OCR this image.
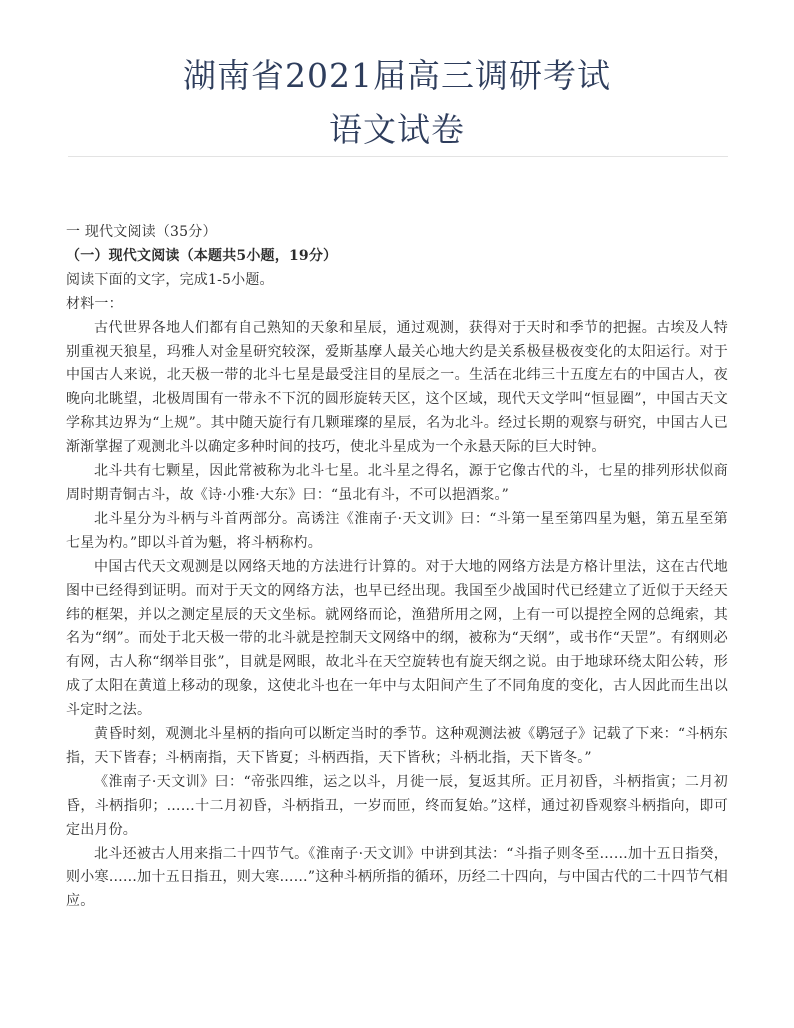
湖南省2021届高三调研考试
语文试卷

一 现代文阅读（35分）

（一）现代文阅读（本题共5小题，19分）

阅读下面的文字，完成1-5小题。

材料一：

古代世界各地人们都有自己熟知的天象和星辰，通过观测，获得对于天时和季节的把握。古埃及人特别重视天狼星，玛雅人对金星研究较深，爱斯基摩人最关心地大约是关系极昼极夜变化的太阳运行。对于中国古人来说，北天极一带的北斗七星是最受注目的星辰之一。生活在北纬三十五度左右的中国古人，夜晚向北眺望，北极周围有一带永不下沉的圆形旋转天区，这个区域，现代天文学叫“恒显圈”，中国古天文学称其边界为“上规”。其中随天旋行有几颗璀璨的星辰，名为北斗。经过长期的观察与研究，中国古人已渐渐掌握了观测北斗以确定多种时间的技巧，使北斗星成为一个永悬天际的巨大时钟。

北斗共有七颗星，因此常被称为北斗七星。北斗星之得名，源于它像古代的斗，七星的排列形状似商周时期青铜古斗，故《诗·小雅·大东》曰：“虽北有斗，不可以挹酒浆。”

北斗星分为斗柄与斗首两部分。高诱注《淮南子·天文训》曰：“斗第一星至第四星为魁，第五星至第七星为杓。”即以斗首为魁，将斗柄称杓。

中国古代天文观测是以网络天地的方法进行计算的。对于大地的网络方法是方格计里法，这在古代地图中已经得到证明。而对于天文的网络方法，也早已经出现。我国至少战国时代已经建立了近似于天经天纬的框架，并以之测定星辰的天文坐标。就网络而论，渔猎所用之网，上有一可以提控全网的总绳索，其名为“纲”。而处于北天极一带的北斗就是控制天文网络中的纲，被称为“天纲”，或书作“天罡”。有纲则必有网，古人称“纲举目张”，目就是网眼，故北斗在天空旋转也有旋天纲之说。由于地球环绕太阳公转，形成了太阳在黄道上移动的现象，这使北斗也在一年中与太阳间产生了不同角度的变化，古人因此而生出以斗定时之法。

黄昏时刻，观测北斗星柄的指向可以断定当时的季节。这种观测法被《鹖冠子》记载了下来：“斗柄东指，天下皆春；斗柄南指，天下皆夏；斗柄西指，天下皆秋；斗柄北指，天下皆冬。”

《淮南子·天文训》曰：“帝张四维，运之以斗，月徙一辰，复返其所。正月初昏，斗柄指寅；二月初昏，斗柄指卯；……十二月初昏，斗柄指丑，一岁而匝，终而复始。”这样，通过初昏观察斗柄指向，即可定出月份。

北斗还被古人用来指二十四节气。《淮南子·天文训》中讲到其法：“斗指子则冬至……加十五日指癸，则小寒……加十五日指丑，则大寒……”这种斗柄所指的循环，历经二十四向，与中国古代的二十四节气相应。
